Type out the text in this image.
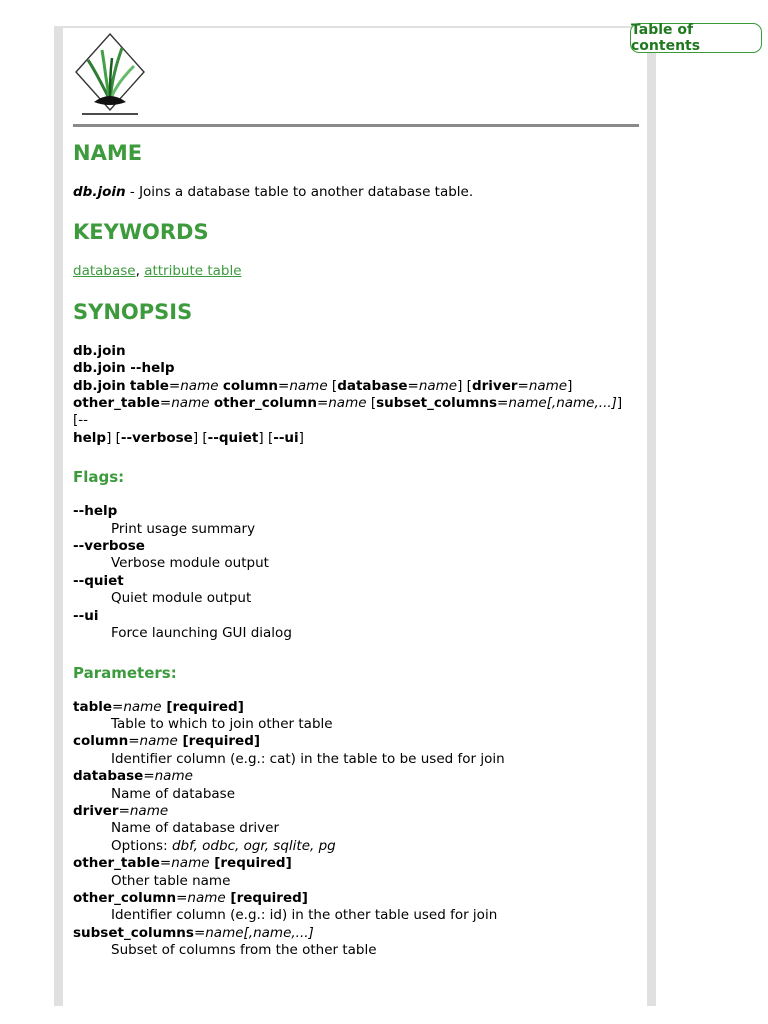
Table of contents
NAME

db.join - Joins a database table to another database table.

KEYWORDS

database, attribute table

SYNOPSIS
db.join
db.join --help
db.join table=name column=name [database=name] [driver=name]
other_table=name other_column=name [subset_columns=name[,name,...]] [--
help] [--verbose] [--quiet] [--ui]
Flags:
--help
Print usage summary
--verbose
Verbose module output
--quiet
Quiet module output
--ui
Force launching GUI dialog
Parameters:
table=name [required]
Table to which to join other table
column=name [required]
Identifier column (e.g.: cat) in the table to be used for join
database=name
Name of database
driver=name
Name of database driver
Options: dbf, odbc, ogr, sqlite, pg
other_table=name [required]
Other table name
other_column=name [required]
Identifier column (e.g.: id) in the other table used for join
subset_columns=name[,name,...]
Subset of columns from the other table
